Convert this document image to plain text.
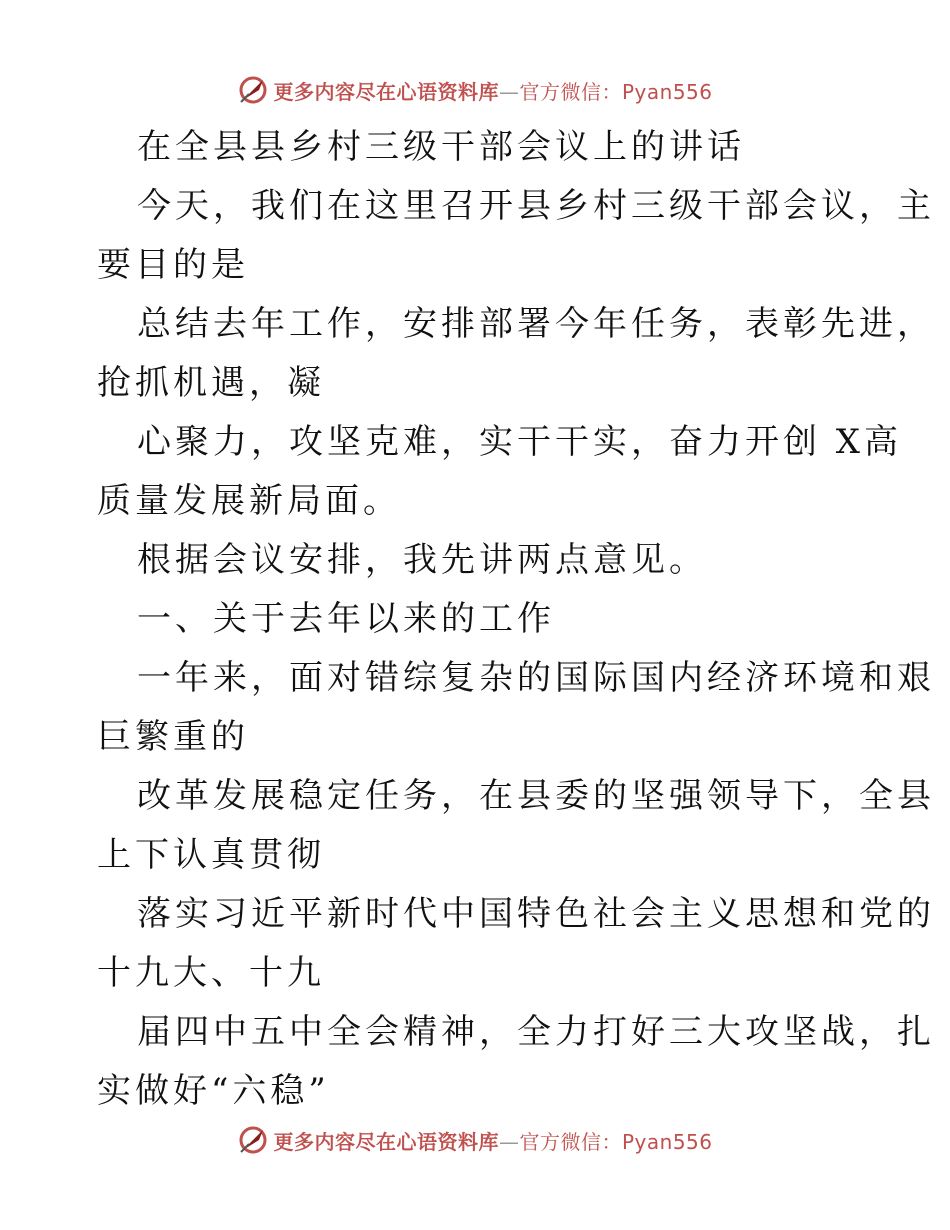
更多内容尽在心语资料库—官方微信：Pyan556
在全县县乡村三级干部会议上的讲话
今天，我们在这里召开县乡村三级干部会议，主
要目的是
总结去年工作，安排部署今年任务，表彰先进，
抢抓机遇，凝
心聚力，攻坚克难，实干干实，奋力开创 X高
质量发展新局面。
根据会议安排，我先讲两点意见。
一、关于去年以来的工作
一年来，面对错综复杂的国际国内经济环境和艰
巨繁重的
改革发展稳定任务，在县委的坚强领导下，全县
上下认真贯彻
落实习近平新时代中国特色社会主义思想和党的
十九大、十九
届四中五中全会精神，全力打好三大攻坚战，扎
实做好“六稳”
更多内容尽在心语资料库—官方微信：Pyan556
